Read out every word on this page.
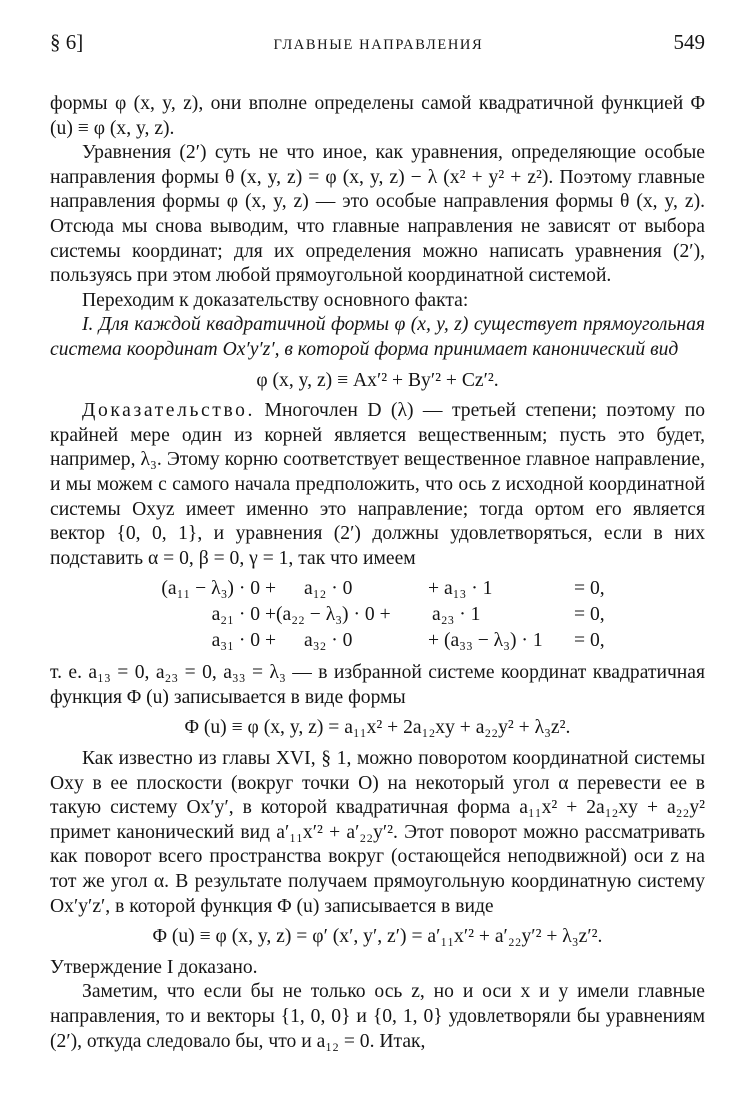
§ 6]	ГЛАВНЫЕ НАПРАВЛЕНИЯ	549

формы φ (x, y, z), они вполне определены самой квадратичной функцией Φ (u) ≡ φ (x, y, z).

Уравнения (2′) суть не что иное, как уравнения, определяющие особые направления формы θ (x, y, z) = φ (x, y, z) − λ (x² + y² + z²). Поэтому главные направления формы φ (x, y, z) — это особые направления формы θ (x, y, z). Отсюда мы снова выводим, что главные направления не зависят от выбора системы координат; для их определения можно написать уравнения (2′), пользуясь при этом любой прямоугольной координатной системой.

Переходим к доказательству основного факта:

I. Для каждой квадратичной формы φ (x, y, z) существует прямоугольная система координат Ox′y′z′, в которой форма принимает канонический вид

φ (x, y, z) ≡ Ax′² + By′² + Cz′².

Доказательство. Многочлен D (λ) — третьей степени; поэтому по крайней мере один из корней является вещественным; пусть это будет, например, λ₃. Этому корню соответствует вещественное главное направление, и мы можем с самого начала предположить, что ось z исходной координатной системы Oxyz имеет именно это направление; тогда ортом его является вектор {0, 0, 1}, и уравнения (2′) должны удовлетворяться, если в них подставить α = 0, β = 0, γ = 1, так что имеем

(a₁₁ − λ₃) · 0 +	a₁₂ · 0	+ a₁₃ · 1	= 0,
a₂₁ · 0 + (a₂₂ − λ₃) · 0 +	a₂₃ · 1	= 0,
a₃₁ · 0 +	a₃₂ · 0	+ (a₃₃ − λ₃) · 1	= 0,

т. е. a₁₃ = 0, a₂₃ = 0, a₃₃ = λ₃ — в избранной системе координат квадратичная функция Φ (u) записывается в виде формы

Φ (u) ≡ φ (x, y, z) = a₁₁x² + 2a₁₂xy + a₂₂y² + λ₃z².

Как известно из главы XVI, § 1, можно поворотом координатной системы Oxy в ее плоскости (вокруг точки O) на некоторый угол α перевести ее в такую систему Ox′y′, в которой квадратичная форма a₁₁x² + 2a₁₂xy + a₂₂y² примет канонический вид a′₁₁x′² + a′₂₂y′². Этот поворот можно рассматривать как поворот всего пространства вокруг (остающейся неподвижной) оси z на тот же угол α. В результате получаем прямоугольную координатную систему Ox′y′z′, в которой функция Φ (u) записывается в виде

Φ (u) ≡ φ (x, y, z) = φ′ (x′, y′, z′) = a′₁₁x′² + a′₂₂y′² + λ₃z′².

Утверждение I доказано.

Заметим, что если бы не только ось z, но и оси x и y имели главные направления, то и векторы {1, 0, 0} и {0, 1, 0} удовлетворяли бы уравнениям (2′), откуда следовало бы, что и a₁₂ = 0. Итак,
